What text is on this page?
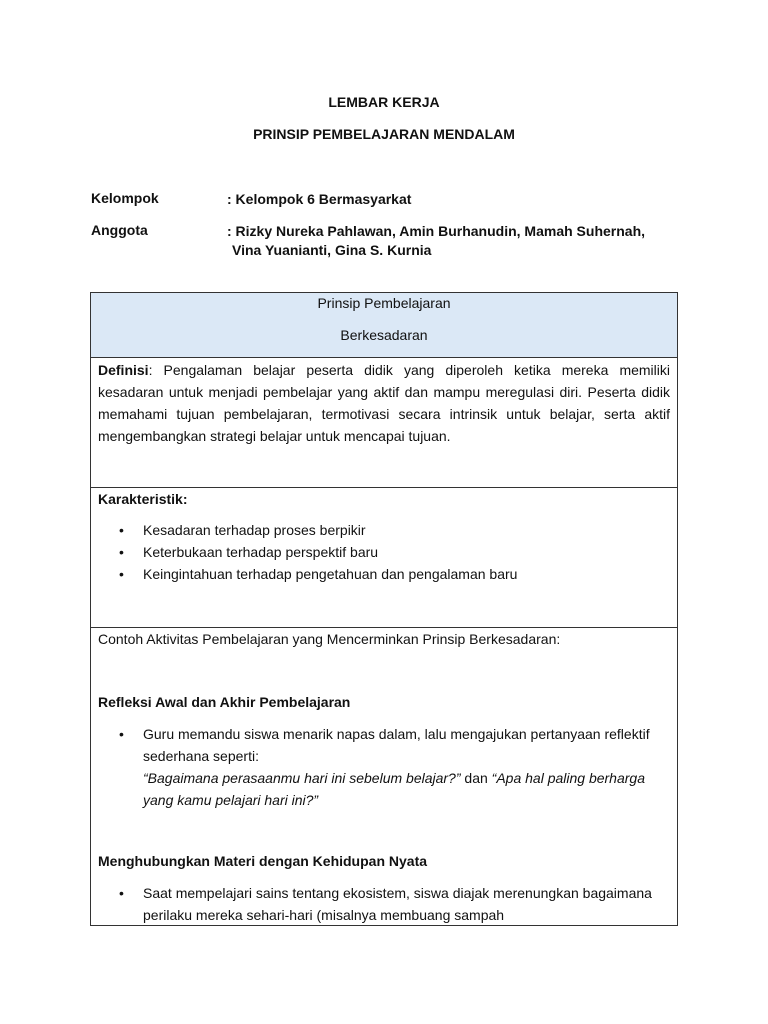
LEMBAR KERJA
PRINSIP PEMBELAJARAN MENDALAM
Kelompok	: Kelompok 6 Bermasyarkat
Anggota	: Rizky Nureka Pahlawan, Amin Burhanudin, Mamah Suhernah,
Vina Yuanianti, Gina S. Kurnia
Prinsip Pembelajaran
Berkesadaran
Definisi: Pengalaman belajar peserta didik yang diperoleh ketika mereka memiliki kesadaran untuk menjadi pembelajar yang aktif dan mampu meregulasi diri. Peserta didik memahami tujuan pembelajaran, termotivasi secara intrinsik untuk belajar, serta aktif mengembangkan strategi belajar untuk mencapai tujuan.
Karakteristik:
• Kesadaran terhadap proses berpikir
• Keterbukaan terhadap perspektif baru
• Keingintahuan terhadap pengetahuan dan pengalaman baru
Contoh Aktivitas Pembelajaran yang Mencerminkan Prinsip Berkesadaran:
Refleksi Awal dan Akhir Pembelajaran
• Guru memandu siswa menarik napas dalam, lalu mengajukan pertanyaan reflektif sederhana seperti:
“Bagaimana perasaanmu hari ini sebelum belajar?” dan “Apa hal paling berharga yang kamu pelajari hari ini?”
Menghubungkan Materi dengan Kehidupan Nyata
• Saat mempelajari sains tentang ekosistem, siswa diajak merenungkan bagaimana perilaku mereka sehari-hari (misalnya membuang sampah
